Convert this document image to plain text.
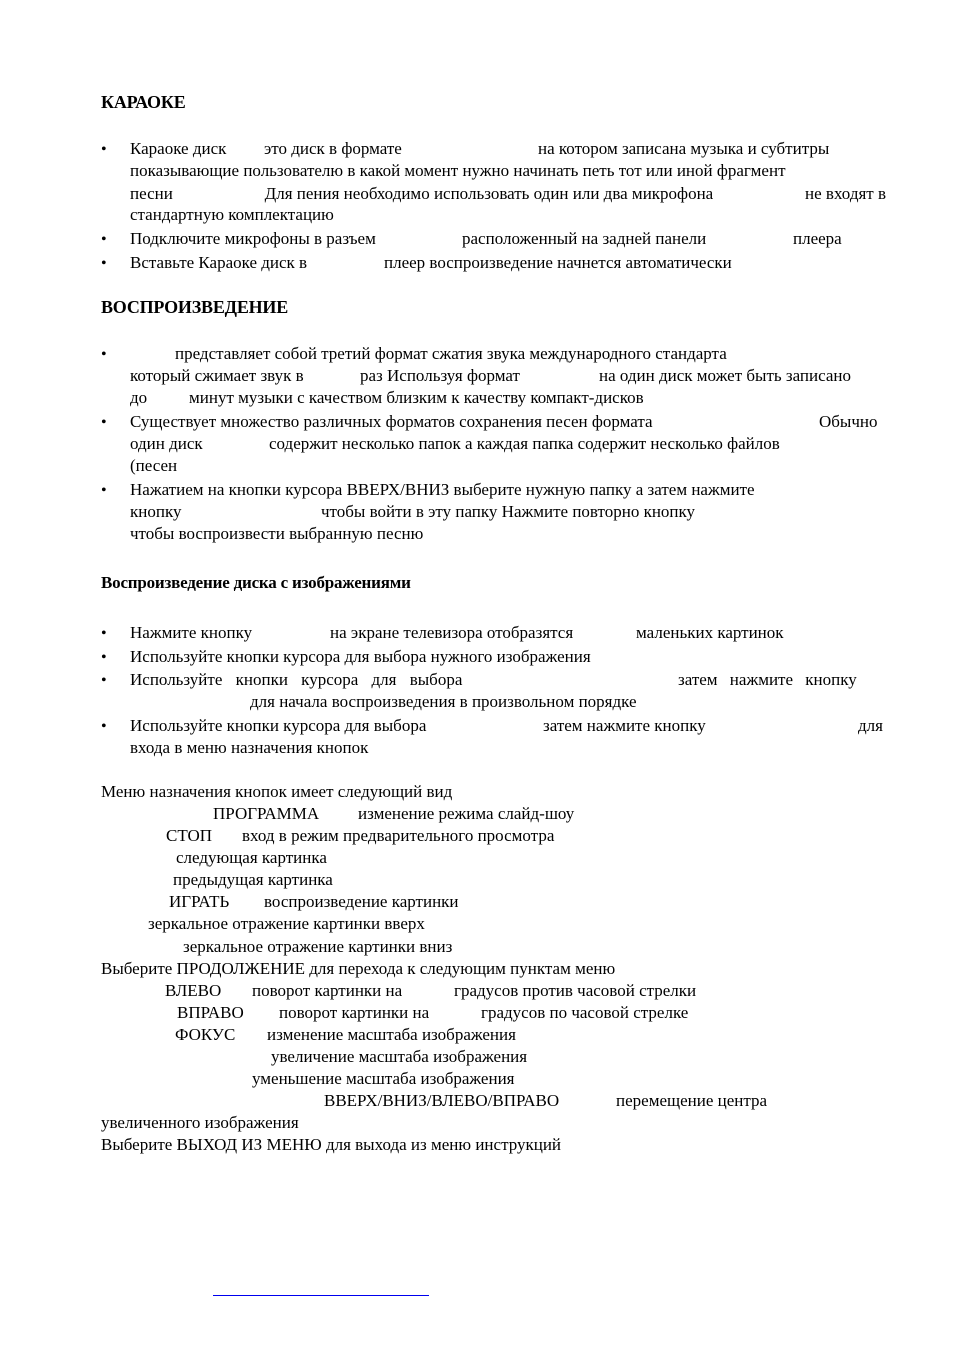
КАРАОКЕ
• Караоке диск это диск в формате	на котором записана музыка и субтитры
показывающие пользователю в какой момент нужно начинать петь тот или иной фрагмент
песни	Для пения необходимо использовать один или два микрофона	не входят в
стандартную комплектацию
• Подключите микрофоны в разъем	расположенный на задней панели	плеера
• Вставьте Караоке диск в	плеер воспроизведение начнется автоматически
ВОСПРОИЗВЕДЕНИЕ
•	представляет собой третий формат сжатия звука международного стандарта
который сжимает звук в	раз Используя формат	на один диск может быть записано
до минут музыки с качеством близким к качеству компакт-дисков
• Существует множество различных форматов сохранения песен формата	Обычно
один диск	содержит несколько папок а каждая папка содержит несколько файлов
(песен
• Нажатием на кнопки курсора ВВЕРХ/ВНИЗ выберите нужную папку а затем нажмите
кнопку	чтобы войти в эту папку Нажмите повторно кнопку
чтобы воспроизвести выбранную песню
Воспроизведение диска с изображениями
• Нажмите кнопку	на экране телевизора отобразятся	маленьких картинок
• Используйте кнопки курсора для выбора нужного изображения
• Используйте кнопки курсора для выбора	затем нажмите кнопку
для начала воспроизведения в произвольном порядке
• Используйте кнопки курсора для выбора	затем нажмите кнопку	для
входа в меню назначения кнопок
Меню назначения кнопок имеет следующий вид
ПРОГРАММА изменение режима слайд-шоу
СТОП вход в режим предварительного просмотра
следующая картинка
предыдущая картинка
ИГРАТЬ воспроизведение картинки
зеркальное отражение картинки вверх
зеркальное отражение картинки вниз
Выберите ПРОДОЛЖЕНИЕ для перехода к следующим пунктам меню
ВЛЕВО поворот картинки на	градусов против часовой стрелки
ВПРАВО поворот картинки на	градусов по часовой стрелке
ФОКУС изменение масштаба изображения
увеличение масштаба изображения
уменьшение масштаба изображения
ВВЕРХ/ВНИЗ/ВЛЕВО/ВПРАВО	перемещение центра
увеличенного изображения
Выберите ВЫХОД ИЗ МЕНЮ для выхода из меню инструкций
